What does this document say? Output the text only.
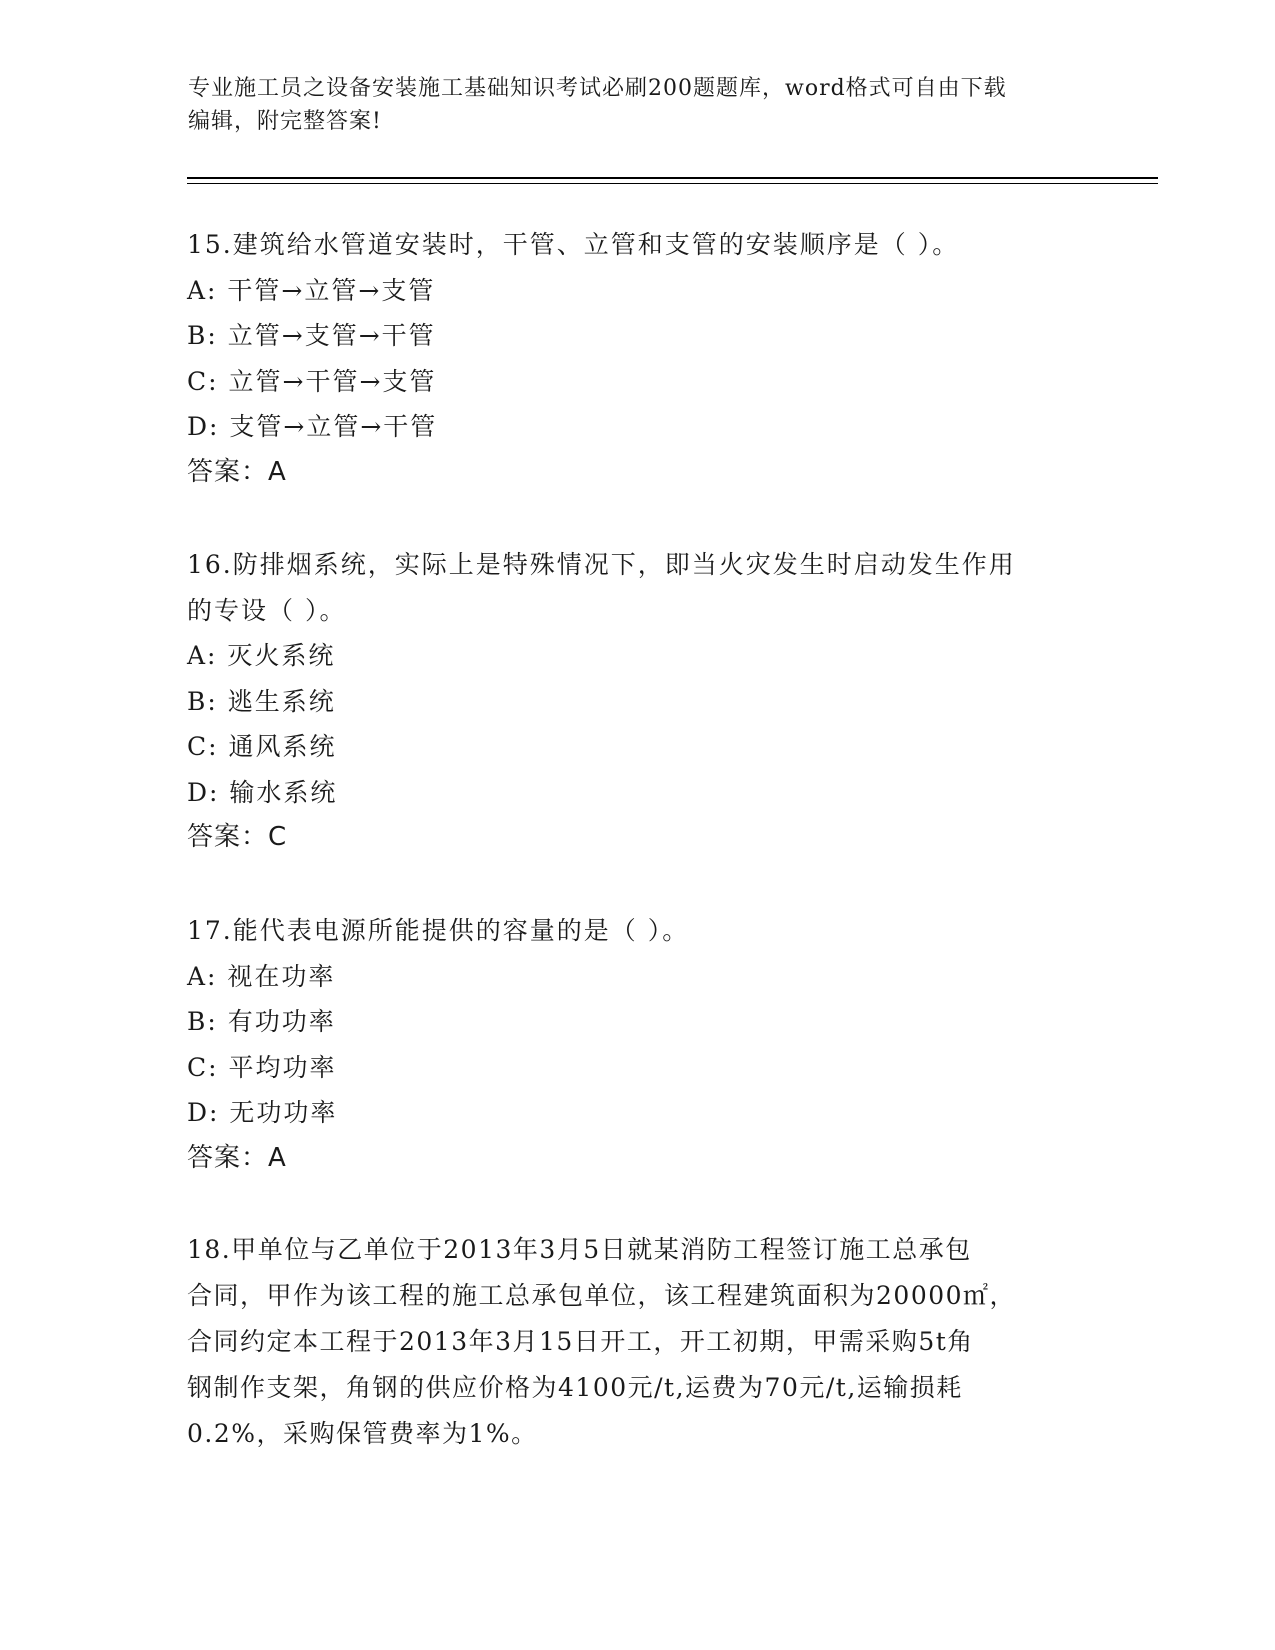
专业施工员之设备安装施工基础知识考试必刷200题题库，word格式可自由下载
编辑，附完整答案!
15.建筑给水管道安装时，干管、立管和支管的安装顺序是（ ）。
A: 干管→立管→支管
B: 立管→支管→干管
C: 立管→干管→支管
D: 支管→立管→干管
答案：A
16.防排烟系统，实际上是特殊情况下，即当火灾发生时启动发生作用
的专设（ ）。
A: 灭火系统
B: 逃生系统
C: 通风系统
D: 输水系统
答案：C
17.能代表电源所能提供的容量的是（ ）。
A: 视在功率
B: 有功功率
C: 平均功率
D: 无功功率
答案：A
18.甲单位与乙单位于2013年3月5日就某消防工程签订施工总承包
合同，甲作为该工程的施工总承包单位，该工程建筑面积为20000㎡，
合同约定本工程于2013年3月15日开工，开工初期，甲需采购5t角
钢制作支架，角钢的供应价格为4100元/t,运费为70元/t,运输损耗
0.2%，采购保管费率为1%。
